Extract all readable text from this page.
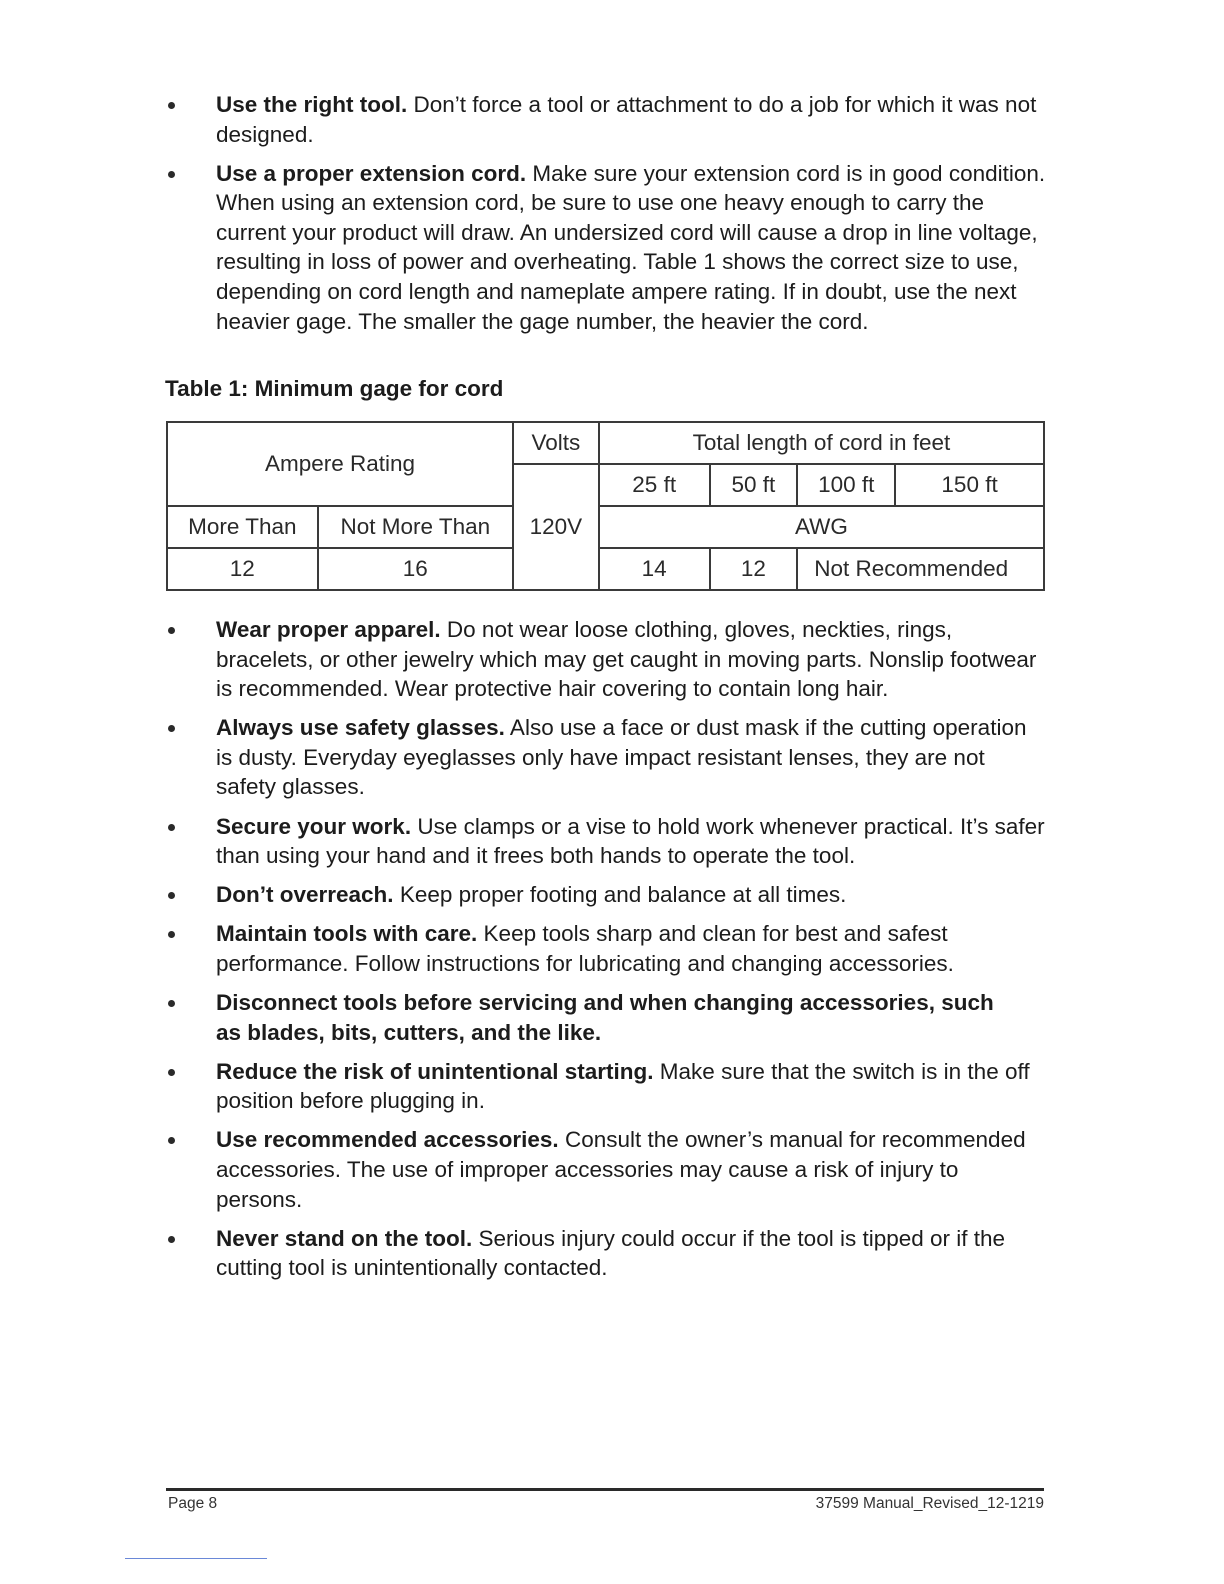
Use the right tool. Don’t force a tool or attachment to do a job for which it was not designed.
Use a proper extension cord. Make sure your extension cord is in good condition. When using an extension cord, be sure to use one heavy enough to carry the current your product will draw. An undersized cord will cause a drop in line voltage, resulting in loss of power and overheating. Table 1 shows the correct size to use, depending on cord length and nameplate ampere rating. If in doubt, use the next heavier gage. The smaller the gage number, the heavier the cord.

Table 1: Minimum gage for cord

Ampere Rating		Volts	Total length of cord in feet			
		120V	25 ft	50 ft	100 ft	150 ft
More Than	Not More Than		AWG			
12	16		14	12	Not Recommended	
Wear proper apparel. Do not wear loose clothing, gloves, neckties, rings, bracelets, or other jewelry which may get caught in moving parts. Nonslip footwear is recommended. Wear protective hair covering to contain long hair.
Always use safety glasses. Also use a face or dust mask if the cutting operation is dusty. Everyday eyeglasses only have impact resistant lenses, they are not safety glasses.
Secure your work. Use clamps or a vise to hold work whenever practical. It’s safer than using your hand and it frees both hands to operate the tool.
Don’t overreach. Keep proper footing and balance at all times.
Maintain tools with care. Keep tools sharp and clean for best and safest performance. Follow instructions for lubricating and changing accessories.
Disconnect tools before servicing and when changing accessories, such as blades, bits, cutters, and the like.
Reduce the risk of unintentional starting. Make sure that the switch is in the off position before plugging in.
Use recommended accessories. Consult the owner’s manual for recommended accessories. The use of improper accessories may cause a risk of injury to persons.
Never stand on the tool. Serious injury could occur if the tool is tipped or if the cutting tool is unintentionally contacted.
Page 8	37599 Manual_Revised_12-1219
